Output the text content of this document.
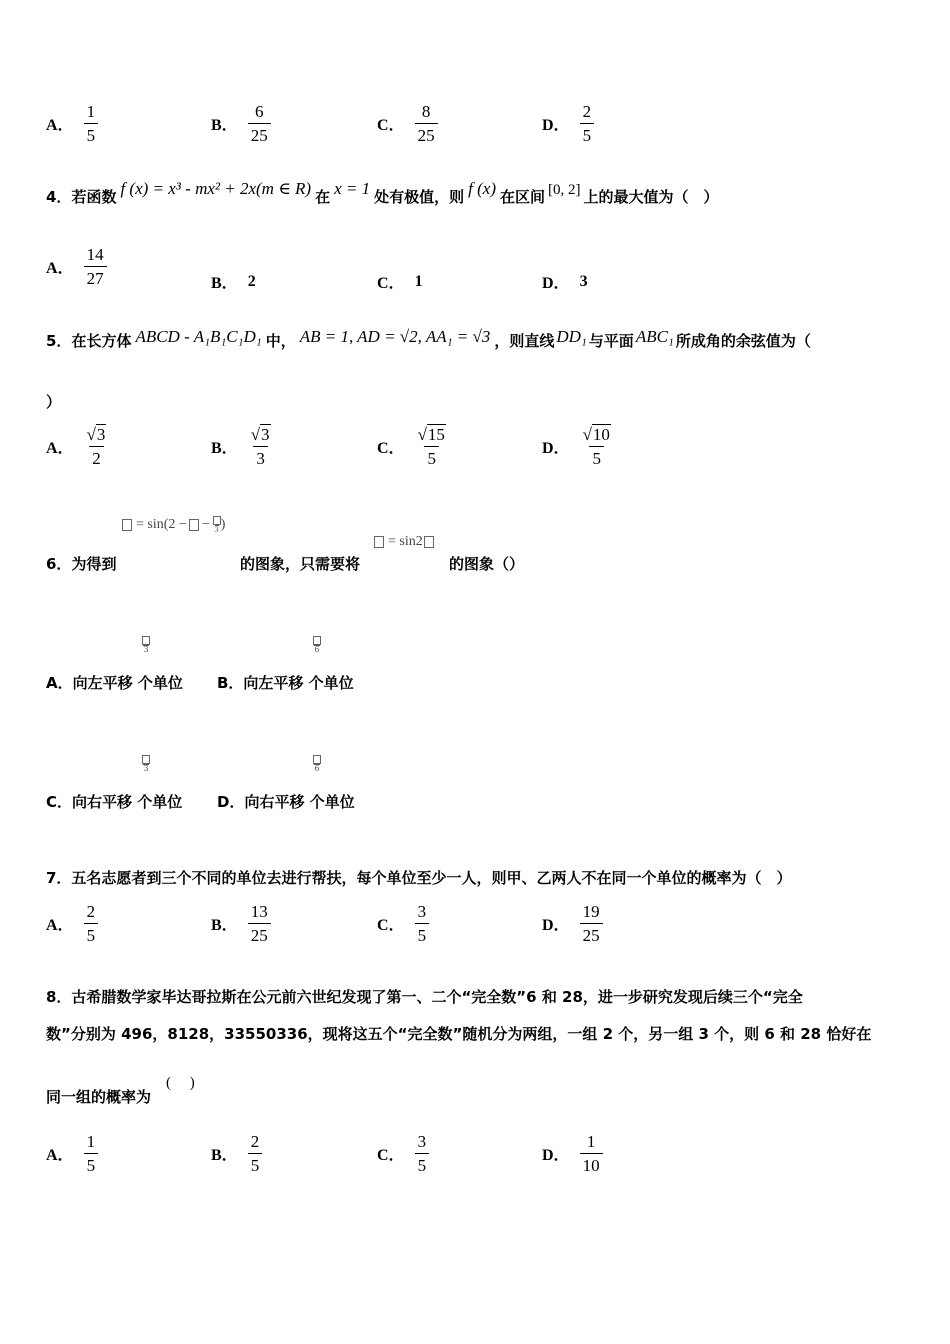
A． $\frac{1}{5}$	B． $\frac{6}{25}$	C． $\frac{8}{25}$	D． $\frac{2}{5}$
4． 若函数 f (x) = x³ - mx² + 2x(m ∈ R) 在 x = 1 处有极值，则 f (x) 在区间 [0, 2] 上的最大值为（　）
A． $\frac{14}{27}$	B． 2	C． 1	D． 3
5． 在长方体 ABCD - A₁B₁C₁D₁ 中， AB = 1, AD = √2, AA₁ = √3 ，则直线 DD₁ 与平面 ABC₁ 所成角的余弦值为（
）
A． $\frac{√3}{2}$	B． $\frac{√3}{3}$	C． $\frac{√15}{5}$	D． $\frac{√10}{5}$
= sin(2 − − 3 )
= sin2
6．为得到	的图象，只需要将	的图象（）
3	6
A．向左平移 个单位 B．向左平移 个单位
3	6
C．向右平移 个单位 D．向右平移 个单位
7．五名志愿者到三个不同的单位去进行帮扶，每个单位至少一人，则甲、乙两人不在同一个单位的概率为（　）
A． $\frac{2}{5}$	B． $\frac{13}{25}$	C． $\frac{3}{5}$	D． $\frac{19}{25}$
8．古希腊数学家毕达哥拉斯在公元前六世纪发现了第一、二个“完全数”6 和 28，进一步研究发现后续三个“完全
数”分别为 496，8128，33550336，现将这五个“完全数”随机分为两组，一组 2 个，另一组 3 个，则 6 和 28 恰好在
同一组的概率为
(　 )
A． $\frac{1}{5}$	B． $\frac{2}{5}$	C． $\frac{3}{5}$	D． $\frac{1}{10}$
